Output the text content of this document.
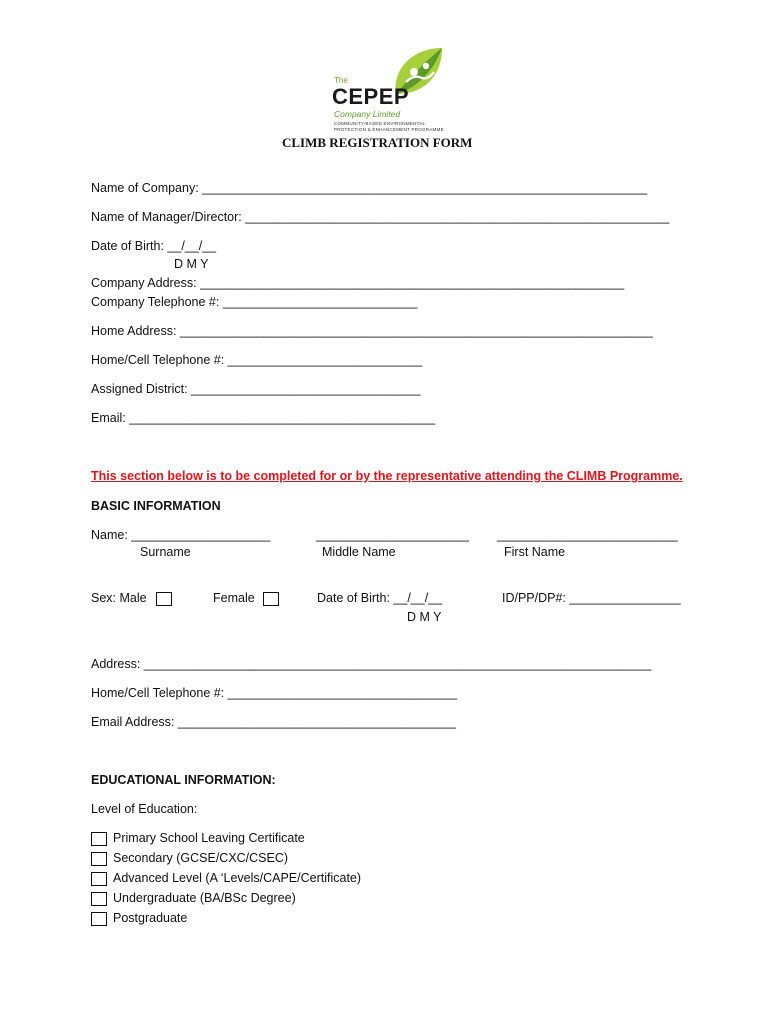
The
CEPEP
Company Limited
COMMUNITY-BASED ENVIRONMENTAL
PROTECTION & ENHANCEMENT PROGRAMME
CLIMB REGISTRATION FORM
Name of Company: ________________________________________________________________
Name of Manager/Director: _____________________________________________________________
Date of Birth: __/__/__
D M Y
Company Address: _____________________________________________________________
Company Telephone #: ____________________________
Home Address: ____________________________________________________________________
Home/Cell Telephone #: ____________________________
Assigned District: _________________________________
Email: ____________________________________________
This section below is to be completed for or by the representative attending the CLIMB Programme.
BASIC INFORMATION
Name: ____________________	______________________ __________________________
Surname	Middle Name	First Name
Sex: Male	Female	Date of Birth: __/__/__
D M Y
ID/PP/DP#: ________________
Address: _________________________________________________________________________
Home/Cell Telephone #: _________________________________
Email Address: ________________________________________
EDUCATIONAL INFORMATION:
Level of Education:
Primary School Leaving Certificate
Secondary (GCSE/CXC/CSEC)
Advanced Level (A ‘Levels/CAPE/Certificate)
Undergraduate (BA/BSc Degree)
Postgraduate
